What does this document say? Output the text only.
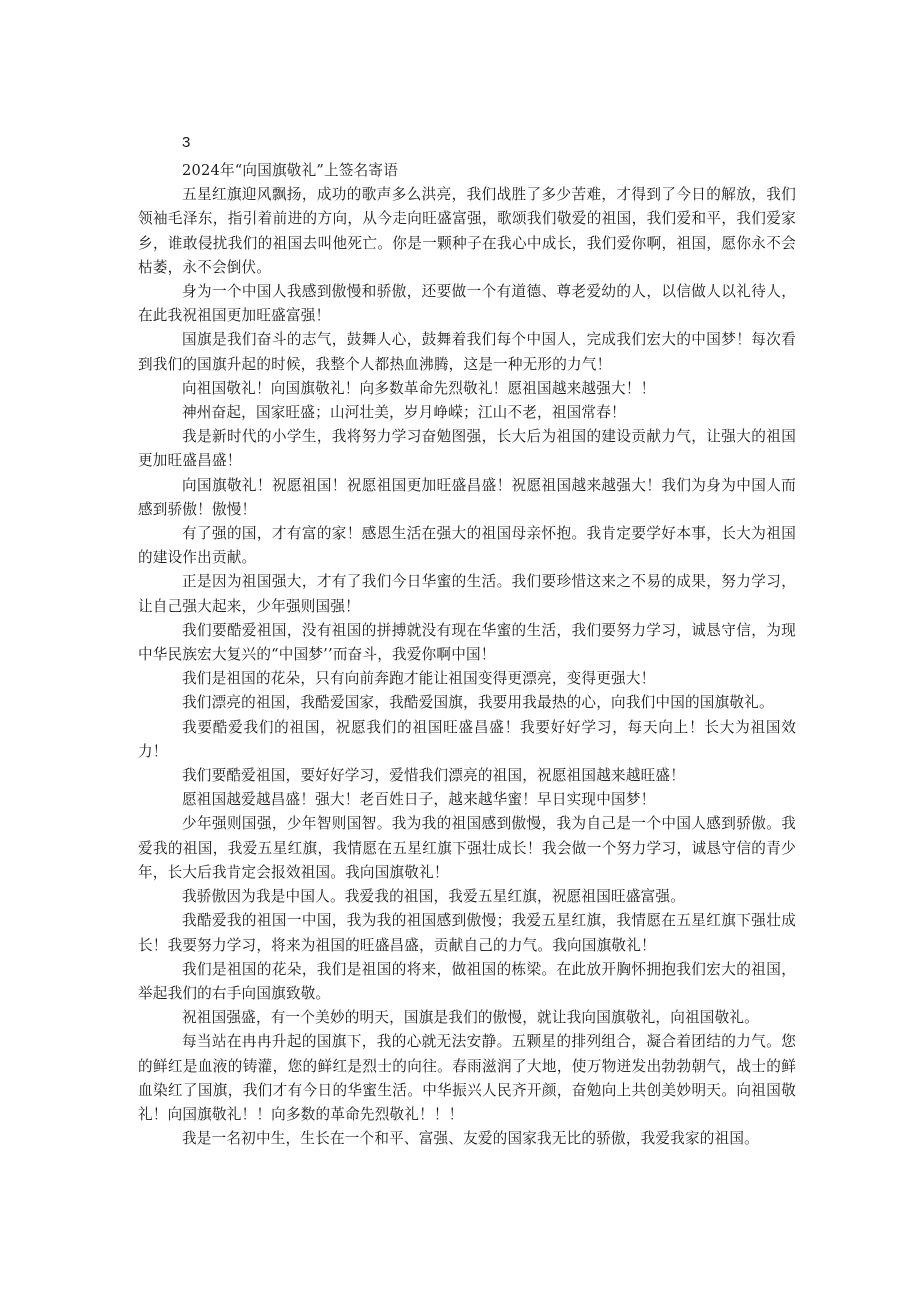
3
2024年“向国旗敬礼”上签名寄语

五星红旗迎风飘扬，成功的歌声多么洪亮，我们战胜了多少苦难，才得到了今日的解放，我们领袖毛泽东，指引着前进的方向，从今走向旺盛富强，歌颂我们敬爱的祖国，我们爱和平，我们爱家乡，谁敢侵扰我们的祖国去叫他死亡。你是一颗种子在我心中成长，我们爱你啊，祖国，愿你永不会枯萎，永不会倒伏。

身为一个中国人我感到傲慢和骄傲，还要做一个有道德、尊老爱幼的人，以信做人以礼待人，在此我祝祖国更加旺盛富强！

国旗是我们奋斗的志气，鼓舞人心，鼓舞着我们每个中国人，完成我们宏大的中国梦！每次看到我们的国旗升起的时候，我整个人都热血沸腾，这是一种无形的力气！

向祖国敬礼！向国旗敬礼！向多数革命先烈敬礼！愿祖国越来越强大！！

神州奋起，国家旺盛；山河壮美，岁月峥嵘；江山不老，祖国常春！

我是新时代的小学生，我将努力学习奋勉图强，长大后为祖国的建设贡献力气，让强大的祖国更加旺盛昌盛！

向国旗敬礼！祝愿祖国！祝愿祖国更加旺盛昌盛！祝愿祖国越来越强大！我们为身为中国人而感到骄傲！傲慢！

有了强的国，才有富的家！感恩生活在强大的祖国母亲怀抱。我肯定要学好本事，长大为祖国的建设作出贡献。

正是因为祖国强大，才有了我们今日华蜜的生活。我们要珍惜这来之不易的成果，努力学习，让自己强大起来，少年强则国强！

我们要酷爱祖国，没有祖国的拼搏就没有现在华蜜的生活，我们要努力学习，诚恳守信，为现中华民族宏大复兴的“中国梦’’而奋斗，我爱你啊中国！

我们是祖国的花朵，只有向前奔跑才能让祖国变得更漂亮，变得更强大！

我们漂亮的祖国，我酷爱国家，我酷爱国旗，我要用我最热的心，向我们中国的国旗敬礼。

我要酷爱我们的祖国，祝愿我们的祖国旺盛昌盛！我要好好学习，每天向上！长大为祖国效力！

我们要酷爱祖国，要好好学习，爱惜我们漂亮的祖国，祝愿祖国越来越旺盛！

愿祖国越爱越昌盛！强大！老百姓日子，越来越华蜜！早日实现中国梦！

少年强则国强，少年智则国智。我为我的祖国感到傲慢，我为自己是一个中国人感到骄傲。我爱我的祖国，我爱五星红旗，我情愿在五星红旗下强壮成长！我会做一个努力学习，诚恳守信的青少年，长大后我肯定会报效祖国。我向国旗敬礼！

我骄傲因为我是中国人。我爱我的祖国，我爱五星红旗，祝愿祖国旺盛富强。

我酷爱我的祖国一中国，我为我的祖国感到傲慢；我爱五星红旗，我情愿在五星红旗下强壮成长！我要努力学习，将来为祖国的旺盛昌盛，贡献自己的力气。我向国旗敬礼！

我们是祖国的花朵，我们是祖国的将来，做祖国的栋梁。在此放开胸怀拥抱我们宏大的祖国，举起我们的右手向国旗致敬。

祝祖国强盛，有一个美妙的明天，国旗是我们的傲慢，就让我向国旗敬礼，向祖国敬礼。

每当站在冉冉升起的国旗下，我的心就无法安静。五颗星的排列组合，凝合着团结的力气。您的鲜红是血液的铸灌，您的鲜红是烈士的向往。春雨滋润了大地，使万物迸发出勃勃朝气，战士的鲜血染红了国旗，我们才有今日的华蜜生活。中华振兴人民齐开颜，奋勉向上共创美妙明天。向祖国敬礼！向国旗敬礼！！向多数的革命先烈敬礼！！！

我是一名初中生，生长在一个和平、富强、友爱的国家我无比的骄傲，我爱我家的祖国。
